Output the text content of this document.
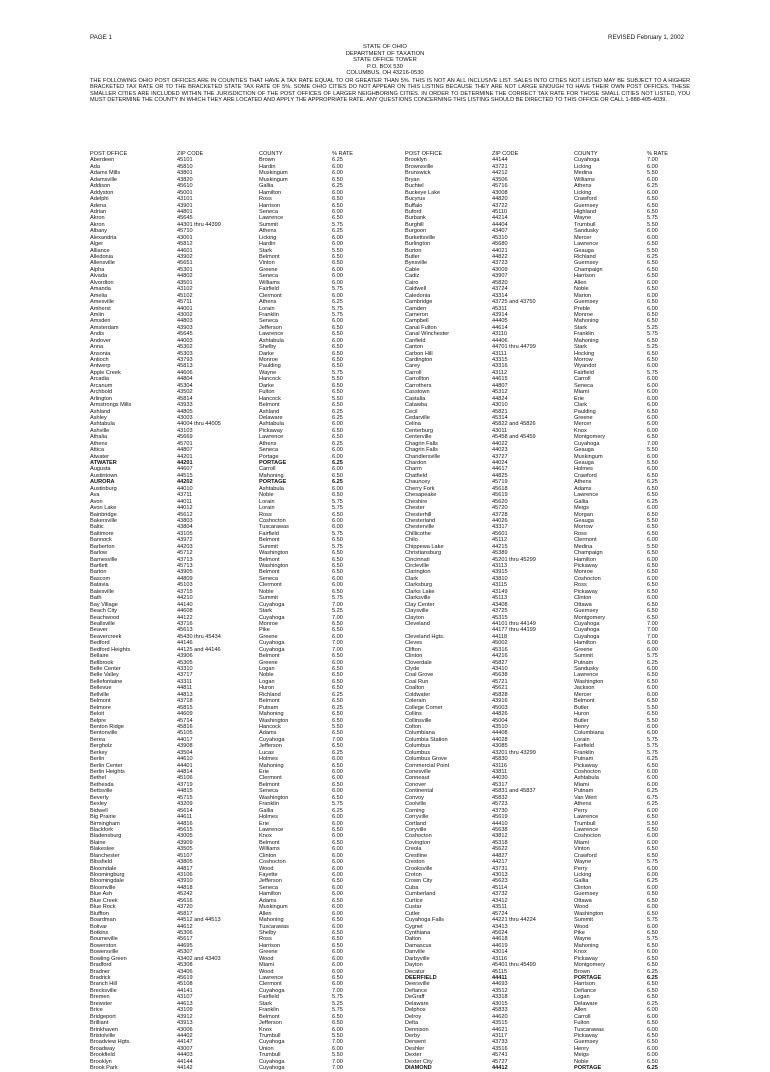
PAGE 1	REVISED February 1, 2002
STATE OF OHIO
DEPARTMENT OF TAXATION
STATE OFFICE TOWER
P.O. BOX 530
COLUMBUS, OH 43216-0530
THE FOLLOWING OHIO POST OFFICES ARE IN COUNTIES THAT HAVE A TAX RATE EQUAL TO OR GREATER THAN 5%. THIS IS NOT AN ALL INCLUSIVE LIST. SALES INTO CITIES NOT LISTED MAY BE SUBJECT TO A HIGHER BRACKETED TAX RATE OR TO THE BRACKETED STATE TAX RATE OF 5%. SOME OHIO CITIES DO NOT APPEAR ON THIS LISTING BECAUSE THEY ARE NOT LARGE ENOUGH TO HAVE THEIR OWN POST OFFICES. THESE SMALLER CITIES ARE INCLUDED WITHIN THE JURISDICTION OF THE POST OFFICES OF LARGER NEIGHBORING CITIES. IN ORDER TO DETERMINE THE CORRECT TAX RATE FOR THOSE SMALL CITIES NOT LISTED, YOU MUST DETERMINE THE COUNTY IN WHICH THEY ARE LOCATED AND APPLY THE APPROPRIATE RATE. ANY QUESTIONS CONCERNING THIS LISTING SHOULD BE DIRECTED TO THIS OFFICE OR CALL 1-888-405-4039.
POST OFFICE	ZIP CODE	COUNTY	% RATE
Aberdeen	45101	Brown	6.25
Ada	45810	Hardin	6.00
Adams Mills	43801	Muskingum	6.00
Adamsville	43820	Muskingum	6.50
Addison	45610	Gallia	6.25
Addyston	45001	Hamilton	6.00
Adelphi	43101	Ross	6.50
Adena	43901	Harrison	6.50
Adrian	44801	Seneca	6.00
Akron	45645	Lawrence	6.50
Akron	44301 thru 44399	Summit	5.75
Albany	45710	Athens	6.25
Alexandria	43001	Licking	6.00
Alger	45812	Hardin	6.00
Alliance	44601	Stark	5.50
Alledonia	43902	Belmont	6.50
Allensville	45651	Vinton	6.50
Alpha	45301	Greene	6.00
Alvada	44802	Seneca	6.00
Alvordton	43501	Williams	6.00
Amanda	43102	Fairfield	5.75
Amelia	45102	Clermont	6.00
Amesville	45711	Athens	6.25
Amherst	44001	Lorain	5.75
Amlin	43002	Franklin	5.75
Amsden	44803	Seneca	6.00
Amsterdam	43903	Jefferson	6.50
Andis	45645	Lawrence	6.50
Andover	44003	Ashtabula	6.00
Anna	45302	Shelby	6.50
Ansonia	45303	Darke	6.50
Antioch	43793	Monroe	6.50
Antwerp	45813	Paulding	6.50
Apple Creek	44606	Wayne	5.75
Arcadia	44804	Hancock	5.50
Arcanum	45304	Darke	6.50
Archbold	43502	Fulton	6.50
Arlington	45814	Hancock	5.50
Armstrongs Mills	43933	Belmont	6.50
Ashland	44805	Ashland	6.25
Ashley	43003	Delaware	6.25
Ashtabula	44004 thru 44005	Ashtabula	6.00
Ashville	43103	Pickaway	6.50
Athalia	45669	Lawrence	6.50
Athens	45701	Athens	6.25
Attica	44807	Seneca	6.00
Atwater	44201	Portage	6.00
ATWATER	44201	PORTAGE	6.25
Augusta	44607	Carroll	6.00
Austintown	44515	Mahoning	6.50
AURORA	44202	PORTAGE	6.25
Austinburg	44010	Ashtabula	6.00
Ava	43711	Noble	6.50
Avon	44011	Lorain	5.75
Avon Lake	44012	Lorain	5.75
Bainbridge	45612	Ross	6.50
Bakersville	43803	Coshocton	6.00
Baltic	43804	Tuscarawas	6.00
Baltimore	43105	Fairfield	5.75
Bannock	43972	Belmont	6.50
Barberton	44203	Summit	5.75
Barlow	45712	Washington	6.50
Barnesville	43713	Belmont	6.50
Bartlett	45713	Washington	6.50
Barton	43905	Belmont	6.50
Bascom	44809	Seneca	6.00
Batavia	45103	Clermont	6.00
Batesville	43715	Noble	6.50
Bath	44210	Summit	5.75
Bay Village	44140	Cuyahoga	7.00
Beach City	44608	Stark	5.25
Beachwood	44122	Cuyahoga	7.00
Beallsville	43716	Monroe	6.50
Beaver	45613	Pike	6.50
Beavercreek	45430 thru 45434	Greene	6.00
Bedford	44146	Cuyahoga	7.00
Bedford Heights	44125 and 44146	Cuyahoga	7.00
Bellaire	43906	Belmont	6.50
Bellbrook	45305	Greene	6.00
Belle Center	43310	Logan	6.50
Belle Valley	43717	Noble	6.50
Bellefontaine	43311	Logan	6.50
Bellevue	44811	Huron	6.50
Bellville	44813	Richland	6.25
Belmont	43718	Belmont	6.50
Belmore	45815	Putnam	6.25
Beloit	44609	Mahoning	6.50
Belpre	45714	Washington	6.50
Benton Ridge	45816	Hancock	5.50
Bentonville	45105	Adams	6.50
Berea	44017	Cuyahoga	7.00
Bergholz	43908	Jefferson	6.50
Berkey	43504	Lucas	6.25
Berlin	44610	Holmes	6.00
Berlin Center	44401	Mahoning	6.50
Berlin Heights	44814	Erie	6.00
Bethel	45106	Clermont	6.00
Bethesda	43719	Belmont	6.50
Bettsville	44815	Seneca	6.00
Beverly	45715	Washington	6.50
Bexley	43209	Franklin	5.75
Bidwell	45614	Gallia	6.25
Big Prairie	44611	Holmes	6.00
Birmingham	44816	Erie	6.00
Blackfork	45615	Lawrence	6.50
Bladensburg	43005	Knox	6.00
Blaine	43909	Belmont	6.50
Blakeslee	43505	Williams	6.00
Blanchester	45107	Clinton	6.00
Blissfield	43805	Coshocton	6.00
Bloomdale	44817	Wood	6.00
Bloomingburg	43106	Fayette	6.00
Bloomingdale	43910	Jefferson	6.50
Bloomville	44818	Seneca	6.00
Blue Ash	45242	Hamilton	6.00
Blue Creek	45616	Adams	6.50
Blue Rock	43720	Muskingum	6.00
Bluffton	45817	Allen	6.00
Boardman	44512 and 44513	Mahoning	6.50
Bolivar	44612	Tuscarawas	6.00
Botkins	45306	Shelby	6.50
Bourneville	45617	Ross	6.50
Bowerston	44695	Harrison	6.50
Bowersville	45307	Greene	6.00
Bowling Green	43402 and 43403	Wood	6.00
Bradford	45308	Miami	6.00
Bradner	43406	Wood	6.00
Bradrick	45619	Lawrence	6.50
Branch Hill	45108	Clermont	6.00
Brecksville	44141	Cuyahoga	7.00
Bremen	43107	Fairfield	5.75
Brewster	44613	Stark	5.25
Brice	43109	Franklin	5.75
Bridgeport	43912	Belmont	6.50
Brilliant	43913	Jefferson	6.50
Brinkhaven	43006	Knox	6.00
Bristolville	44402	Trumbull	5.50
Broadview Hgts.	44147	Cuyahoga	7.00
Broadway	43007	Union	6.00
Brookfield	44403	Trumbull	5.50
Brooklyn	44144	Cuyahoga	7.00
Brook Park	44142	Cuyahoga	7.00
POST OFFICE	ZIP CODE	COUNTY	% RATE
Brooklyn	44144	Cuyahoga	7.00
Brownsville	43721	Licking	6.00
Brunswick	44212	Medina	5.50
Bryan	43506	Williams	6.00
Buchtel	45716	Athens	6.25
Buckeye Lake	43008	Licking	6.00
Bucyrus	44820	Crawford	6.50
Buffalo	43722	Guernsey	6.50
Buford	45110	Highland	6.50
Burbank	44214	Wayne	5.75
Burghill	44404	Trumbull	5.50
Burgoon	43407	Sandusky	6.00
Burkettsville	45310	Mercer	6.00
Burlington	45680	Lawrence	6.50
Burton	44021	Geauga	5.50
Butler	44822	Richland	6.25
Byesville	43723	Guernsey	6.50
Cable	43009	Champaign	6.50
Cadiz	43907	Harrison	6.50
Cairo	45820	Allen	6.00
Caldwell	43724	Noble	6.50
Caledonia	43314	Marion	6.00
Cambridge	43725 and 43750	Guernsey	6.50
Camden	45311	Preble	6.00
Cameron	43914	Monroe	6.50
Campbell	44405	Mahoning	6.50
Canal Fulton	44614	Stark	5.25
Canal Winchester	43110	Franklin	5.75
Canfield	44406	Mahoning	6.50
Canton	44701 thru 44799	Stark	5.25
Carbon Hill	43111	Hocking	6.50
Cardington	43315	Morrow	6.50
Carey	43316	Wyandot	6.00
Carroll	43112	Fairfield	5.75
Carrollton	44615	Carroll	6.00
Carrothers	44807	Seneca	6.00
Casstown	45312	Miami	6.00
Castalia	44824	Erie	6.00
Catawba	43010	Clark	6.00
Cecil	45821	Paulding	6.50
Cedarville	45314	Greene	6.00
Celina	45822 and 45826	Mercer	6.00
Centerburg	43011	Knox	6.00
Centerville	45458 and 45459	Montgomery	6.50
Chagrin Falls	44022	Cuyahoga	7.00
Chagrin Falls	44023	Geauga	5.50
Chandlersville	43727	Muskingum	6.00
Chardon	44024	Geauga	5.50
Charm	44617	Holmes	6.00
Chatfield	44825	Crawford	6.50
Chauncey	45719	Athens	6.25
Cherry Fork	45618	Adams	6.50
Chesapeake	45619	Lawrence	6.50
Cheshire	45620	Gallia	6.25
Chester	45720	Meigs	6.00
Chesterhill	43728	Morgan	6.50
Chesterland	44026	Geauga	5.50
Chesterville	43317	Morrow	6.50
Chillicothe	45601	Ross	6.50
Chilo	45112	Clermont	6.00
Chippewa Lake	44215	Medina	5.50
Christiansburg	45389	Champaign	6.50
Cincinnati	45201 thru 45299	Hamilton	6.00
Circleville	43113	Pickaway	6.50
Clarington	43915	Monroe	6.50
Clark	43810	Coshocton	6.00
Clarksburg	43115	Ross	6.50
Clarks Lake	43149	Pickaway	6.50
Clarksville	45113	Clinton	6.00
Clay Center	43408	Ottawa	6.50
Claysville	43725	Guernsey	6.50
Clayton	45315	Montgomery	6.50
Cleveland	44101 thru 44149	Cuyahoga	7.00
44177 thru 44199	Cuyahoga	7.00
Cleveland Hgts.	44118	Cuyahoga	7.00
Cleves	45002	Hamilton	6.00
Clifton	45316	Greene	6.00
Clinton	44216	Summit	5.75
Cloverdale	45827	Putnam	6.25
Clyde	43410	Sandusky	6.00
Coal Grove	45638	Lawrence	6.50
Coal Run	45721	Washington	6.50
Coalton	45621	Jackson	6.00
Coldwater	45828	Mercer	6.00
Colerain	43916	Belmont	6.50
College Corner	45003	Butler	5.50
Collins	44826	Huron	6.50
Collinsville	45004	Butler	5.50
Colton	43510	Henry	6.00
Columbiana	44408	Columbiana	6.00
Columbia Station	44028	Lorain	5.75
Columbus	43085	Fairfield	5.75
Columbus	43201 thru 43299	Franklin	5.75
Columbus Grove	45830	Putnam	6.25
Commercial Point	43116	Pickaway	6.50
Conesville	43811	Coshocton	6.00
Conneaut	44030	Ashtabula	6.00
Conover	45317	Miami	6.00
Continental	45831 and 45837	Putnam	6.25
Convoy	45832	Van Wert	6.75
Coolville	45723	Athens	6.25
Corning	43730	Perry	6.00
Corryville	45619	Lawrence	6.50
Cortland	44410	Trumbull	5.50
Coryville	45638	Lawrence	6.50
Coshocton	43812	Coshocton	6.00
Covington	45318	Miami	6.00
Creola	45622	Vinton	6.50
Crestline	44827	Crawford	6.50
Creston	44217	Wayne	5.75
Crooksville	43731	Perry	6.00
Croton	43013	Licking	6.00
Crown City	45623	Gallia	6.25
Cuba	45114	Clinton	6.00
Cumberland	43732	Guernsey	6.50
Curtice	43412	Ottawa	6.50
Custar	43511	Wood	6.00
Cutler	45724	Washington	6.50
Cuyahoga Falls	44221 thru 44224	Summit	5.75
Cygnet	43413	Wood	6.00
Cynthiana	45624	Pike	6.50
Dalton	44618	Wayne	5.75
Damascus	44619	Mahoning	6.50
Danville	43014	Knox	6.00
Darbyville	43116	Pickaway	6.50
Dayton	45401 thru 45499	Montgomery	6.50
Decatur	45115	Brown	6.25
DEERFIELD	44411	PORTAGE	6.25
Deersville	44693	Harrison	6.50
Defiance	43512	Defiance	6.50
DeGraff	43318	Logan	6.50
Delaware	43015	Delaware	6.25
Delphos	45833	Allen	6.00
Delroy	44620	Carroll	6.00
Delta	43515	Fulton	6.50
Dennison	44621	Tuscarawas	6.00
Derby	43117	Pickaway	6.50
Derwent	43733	Guernsey	6.50
Deshler	43516	Henry	6.00
Dexter	45741	Meigs	6.00
Dexter City	45727	Noble	6.50
DIAMOND	44412	PORTAGE	6.25
